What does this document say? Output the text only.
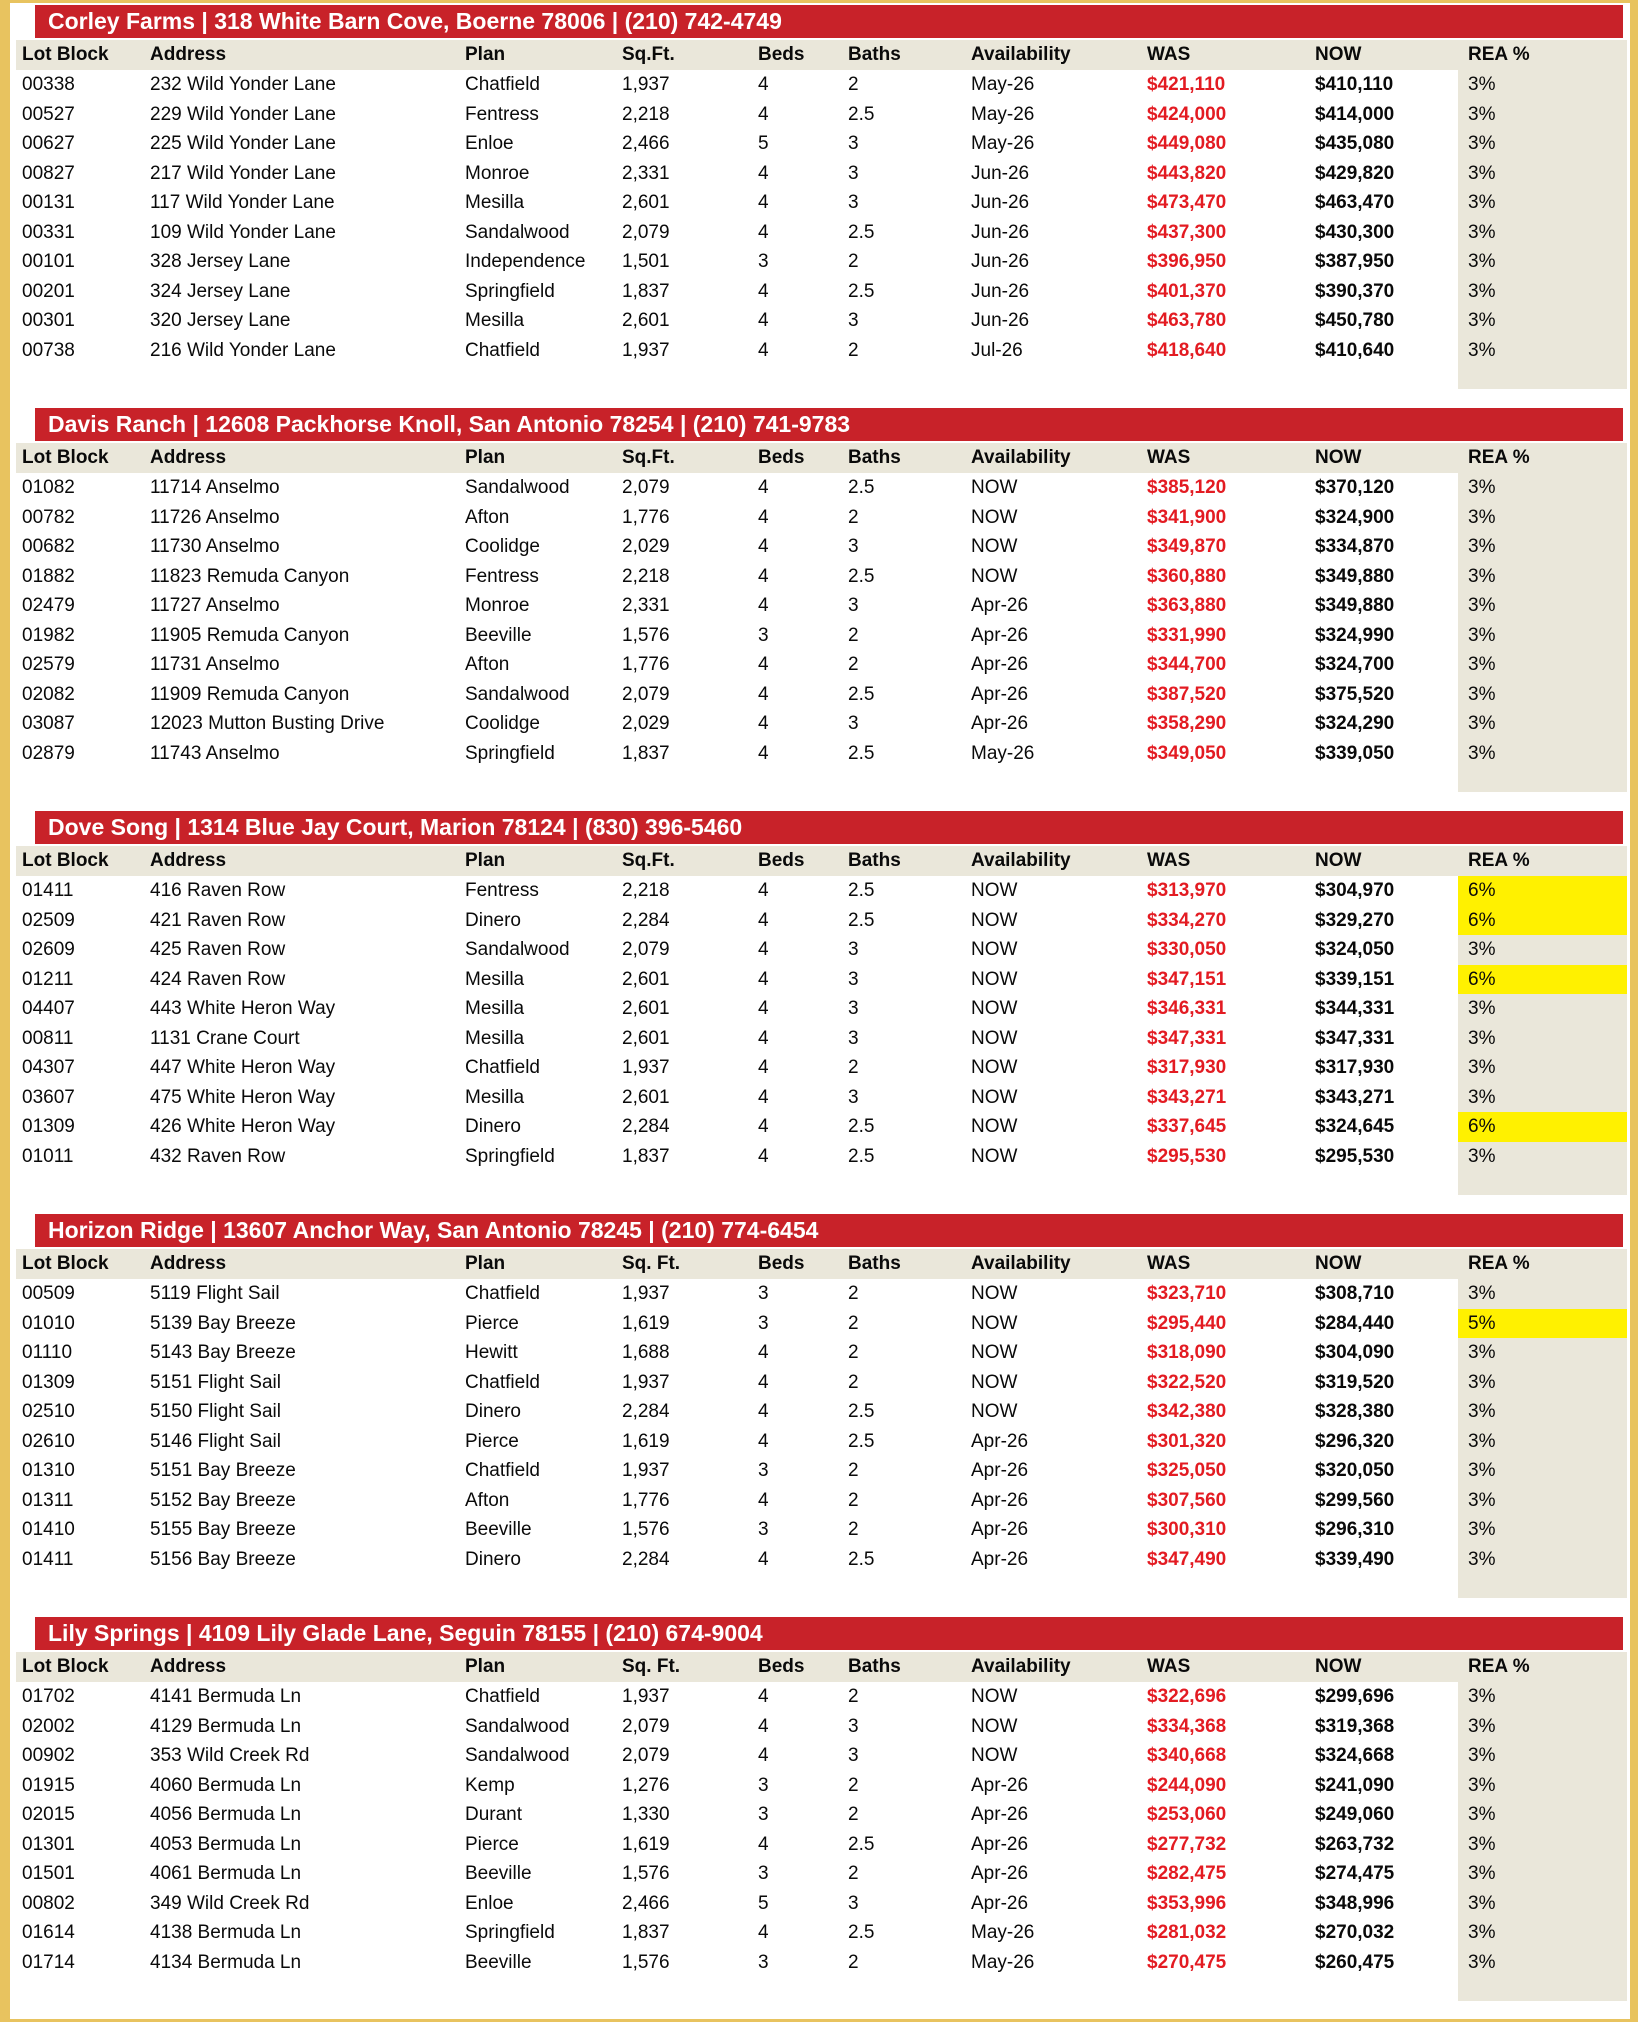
Corley Farms | 318 White Barn Cove, Boerne 78006 | (210) 742-4749
Lot Block	Address	Plan	Sq.Ft.	Beds	Baths	Availability	WAS	NOW	REA %
00338	232 Wild Yonder Lane	Chatfield	1,937	4	2	May-26	$421,110	$410,110	3%
00527	229 Wild Yonder Lane	Fentress	2,218	4	2.5	May-26	$424,000	$414,000	3%
00627	225 Wild Yonder Lane	Enloe	2,466	5	3	May-26	$449,080	$435,080	3%
00827	217 Wild Yonder Lane	Monroe	2,331	4	3	Jun-26	$443,820	$429,820	3%
00131	117 Wild Yonder Lane	Mesilla	2,601	4	3	Jun-26	$473,470	$463,470	3%
00331	109 Wild Yonder Lane	Sandalwood	2,079	4	2.5	Jun-26	$437,300	$430,300	3%
00101	328 Jersey Lane	Independence	1,501	3	2	Jun-26	$396,950	$387,950	3%
00201	324 Jersey Lane	Springfield	1,837	4	2.5	Jun-26	$401,370	$390,370	3%
00301	320 Jersey Lane	Mesilla	2,601	4	3	Jun-26	$463,780	$450,780	3%
00738	216 Wild Yonder Lane	Chatfield	1,937	4	2	Jul-26	$418,640	$410,640	3%
Davis Ranch | 12608 Packhorse Knoll, San Antonio 78254 | (210) 741-9783
Lot Block	Address	Plan	Sq.Ft.	Beds	Baths	Availability	WAS	NOW	REA %
01082	11714 Anselmo	Sandalwood	2,079	4	2.5	NOW	$385,120	$370,120	3%
00782	11726 Anselmo	Afton	1,776	4	2	NOW	$341,900	$324,900	3%
00682	11730 Anselmo	Coolidge	2,029	4	3	NOW	$349,870	$334,870	3%
01882	11823 Remuda Canyon	Fentress	2,218	4	2.5	NOW	$360,880	$349,880	3%
02479	11727 Anselmo	Monroe	2,331	4	3	Apr-26	$363,880	$349,880	3%
01982	11905 Remuda Canyon	Beeville	1,576	3	2	Apr-26	$331,990	$324,990	3%
02579	11731 Anselmo	Afton	1,776	4	2	Apr-26	$344,700	$324,700	3%
02082	11909 Remuda Canyon	Sandalwood	2,079	4	2.5	Apr-26	$387,520	$375,520	3%
03087	12023 Mutton Busting Drive	Coolidge	2,029	4	3	Apr-26	$358,290	$324,290	3%
02879	11743 Anselmo	Springfield	1,837	4	2.5	May-26	$349,050	$339,050	3%
Dove Song | 1314 Blue Jay Court, Marion 78124 | (830) 396-5460
Lot Block	Address	Plan	Sq.Ft.	Beds	Baths	Availability	WAS	NOW	REA %
01411	416 Raven Row	Fentress	2,218	4	2.5	NOW	$313,970	$304,970	6%
02509	421 Raven Row	Dinero	2,284	4	2.5	NOW	$334,270	$329,270	6%
02609	425 Raven Row	Sandalwood	2,079	4	3	NOW	$330,050	$324,050	3%
01211	424 Raven Row	Mesilla	2,601	4	3	NOW	$347,151	$339,151	6%
04407	443 White Heron Way	Mesilla	2,601	4	3	NOW	$346,331	$344,331	3%
00811	1131 Crane Court	Mesilla	2,601	4	3	NOW	$347,331	$347,331	3%
04307	447 White Heron Way	Chatfield	1,937	4	2	NOW	$317,930	$317,930	3%
03607	475 White Heron Way	Mesilla	2,601	4	3	NOW	$343,271	$343,271	3%
01309	426 White Heron Way	Dinero	2,284	4	2.5	NOW	$337,645	$324,645	6%
01011	432 Raven Row	Springfield	1,837	4	2.5	NOW	$295,530	$295,530	3%
Horizon Ridge | 13607 Anchor Way, San Antonio 78245 | (210) 774-6454
Lot Block	Address	Plan	Sq. Ft.	Beds	Baths	Availability	WAS	NOW	REA %
00509	5119 Flight Sail	Chatfield	1,937	3	2	NOW	$323,710	$308,710	3%
01010	5139 Bay Breeze	Pierce	1,619	3	2	NOW	$295,440	$284,440	5%
01110	5143 Bay Breeze	Hewitt	1,688	4	2	NOW	$318,090	$304,090	3%
01309	5151 Flight Sail	Chatfield	1,937	4	2	NOW	$322,520	$319,520	3%
02510	5150 Flight Sail	Dinero	2,284	4	2.5	NOW	$342,380	$328,380	3%
02610	5146 Flight Sail	Pierce	1,619	4	2.5	Apr-26	$301,320	$296,320	3%
01310	5151 Bay Breeze	Chatfield	1,937	3	2	Apr-26	$325,050	$320,050	3%
01311	5152 Bay Breeze	Afton	1,776	4	2	Apr-26	$307,560	$299,560	3%
01410	5155 Bay Breeze	Beeville	1,576	3	2	Apr-26	$300,310	$296,310	3%
01411	5156 Bay Breeze	Dinero	2,284	4	2.5	Apr-26	$347,490	$339,490	3%
Lily Springs | 4109 Lily Glade Lane, Seguin 78155 | (210) 674-9004
Lot Block	Address	Plan	Sq. Ft.	Beds	Baths	Availability	WAS	NOW	REA %
01702	4141 Bermuda Ln	Chatfield	1,937	4	2	NOW	$322,696	$299,696	3%
02002	4129 Bermuda Ln	Sandalwood	2,079	4	3	NOW	$334,368	$319,368	3%
00902	353 Wild Creek Rd	Sandalwood	2,079	4	3	NOW	$340,668	$324,668	3%
01915	4060 Bermuda Ln	Kemp	1,276	3	2	Apr-26	$244,090	$241,090	3%
02015	4056 Bermuda Ln	Durant	1,330	3	2	Apr-26	$253,060	$249,060	3%
01301	4053 Bermuda Ln	Pierce	1,619	4	2.5	Apr-26	$277,732	$263,732	3%
01501	4061 Bermuda Ln	Beeville	1,576	3	2	Apr-26	$282,475	$274,475	3%
00802	349 Wild Creek Rd	Enloe	2,466	5	3	Apr-26	$353,996	$348,996	3%
01614	4138 Bermuda Ln	Springfield	1,837	4	2.5	May-26	$281,032	$270,032	3%
01714	4134 Bermuda Ln	Beeville	1,576	3	2	May-26	$270,475	$260,475	3%
